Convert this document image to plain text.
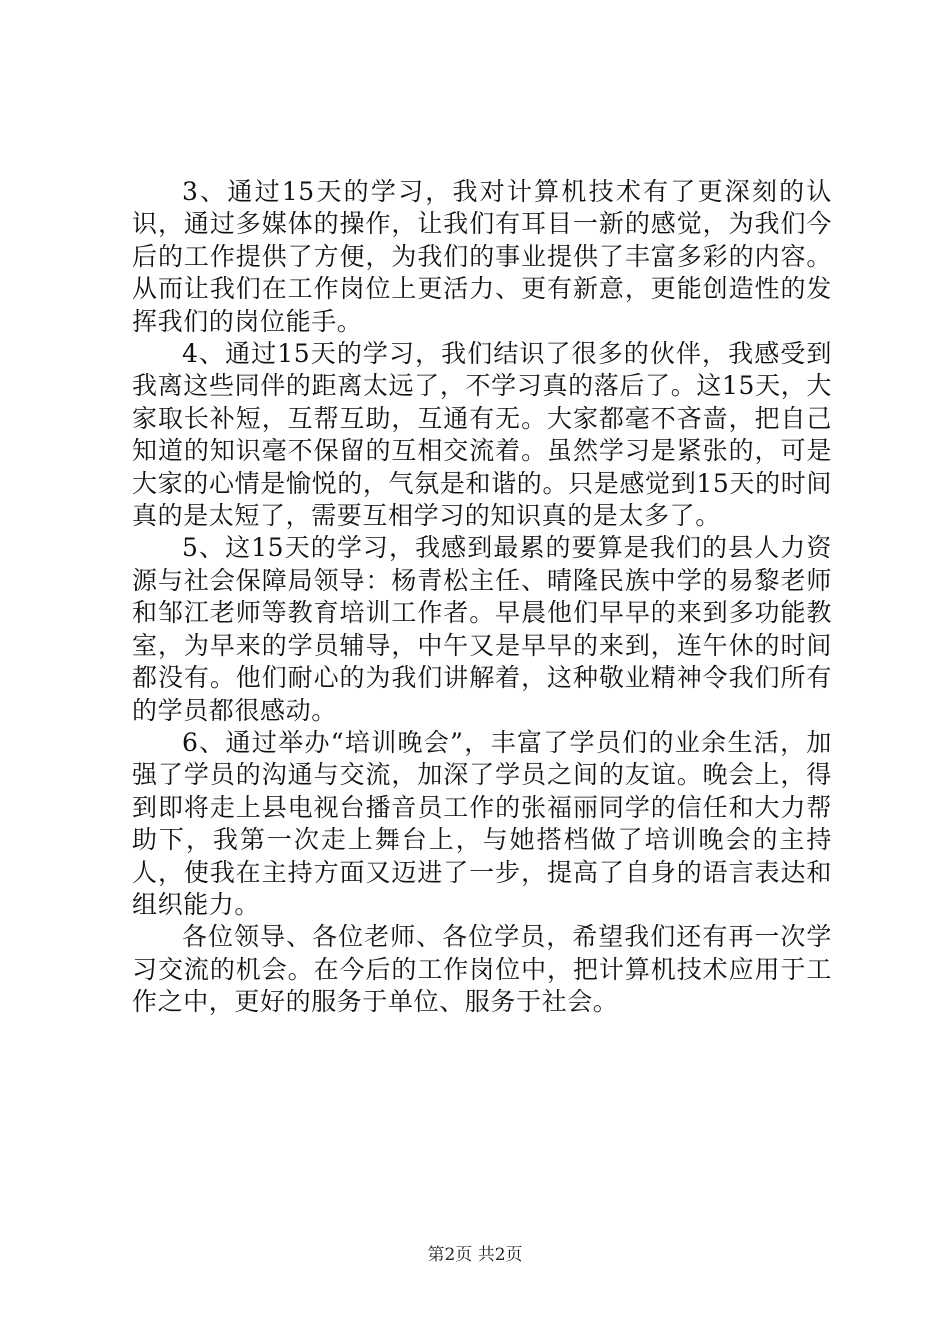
3、通过15天的学习，我对计算机技术有了更深刻的认识，通过多媒体的操作，让我们有耳目一新的感觉，为我们今后的工作提供了方便，为我们的事业提供了丰富多彩的内容。从而让我们在工作岗位上更活力、更有新意，更能创造性的发挥我们的岗位能手。

4、通过15天的学习，我们结识了很多的伙伴，我感受到我离这些同伴的距离太远了，不学习真的落后了。这15天，大家取长补短，互帮互助，互通有无。大家都毫不吝啬，把自己知道的知识毫不保留的互相交流着。虽然学习是紧张的，可是大家的心情是愉悦的，气氛是和谐的。只是感觉到15天的时间真的是太短了，需要互相学习的知识真的是太多了。

5、这15天的学习，我感到最累的要算是我们的县人力资源与社会保障局领导：杨青松主任、晴隆民族中学的易黎老师和邹江老师等教育培训工作者。早晨他们早早的来到多功能教室，为早来的学员辅导，中午又是早早的来到，连午休的时间都没有。他们耐心的为我们讲解着，这种敬业精神令我们所有的学员都很感动。

6、通过举办“培训晚会”，丰富了学员们的业余生活，加强了学员的沟通与交流，加深了学员之间的友谊。晚会上，得到即将走上县电视台播音员工作的张福丽同学的信任和大力帮助下，我第一次走上舞台上，与她搭档做了培训晚会的主持人，使我在主持方面又迈进了一步，提高了自身的语言表达和组织能力。

各位领导、各位老师、各位学员，希望我们还有再一次学习交流的机会。在今后的工作岗位中，把计算机技术应用于工作之中，更好的服务于单位、服务于社会。

第2页 共2页
